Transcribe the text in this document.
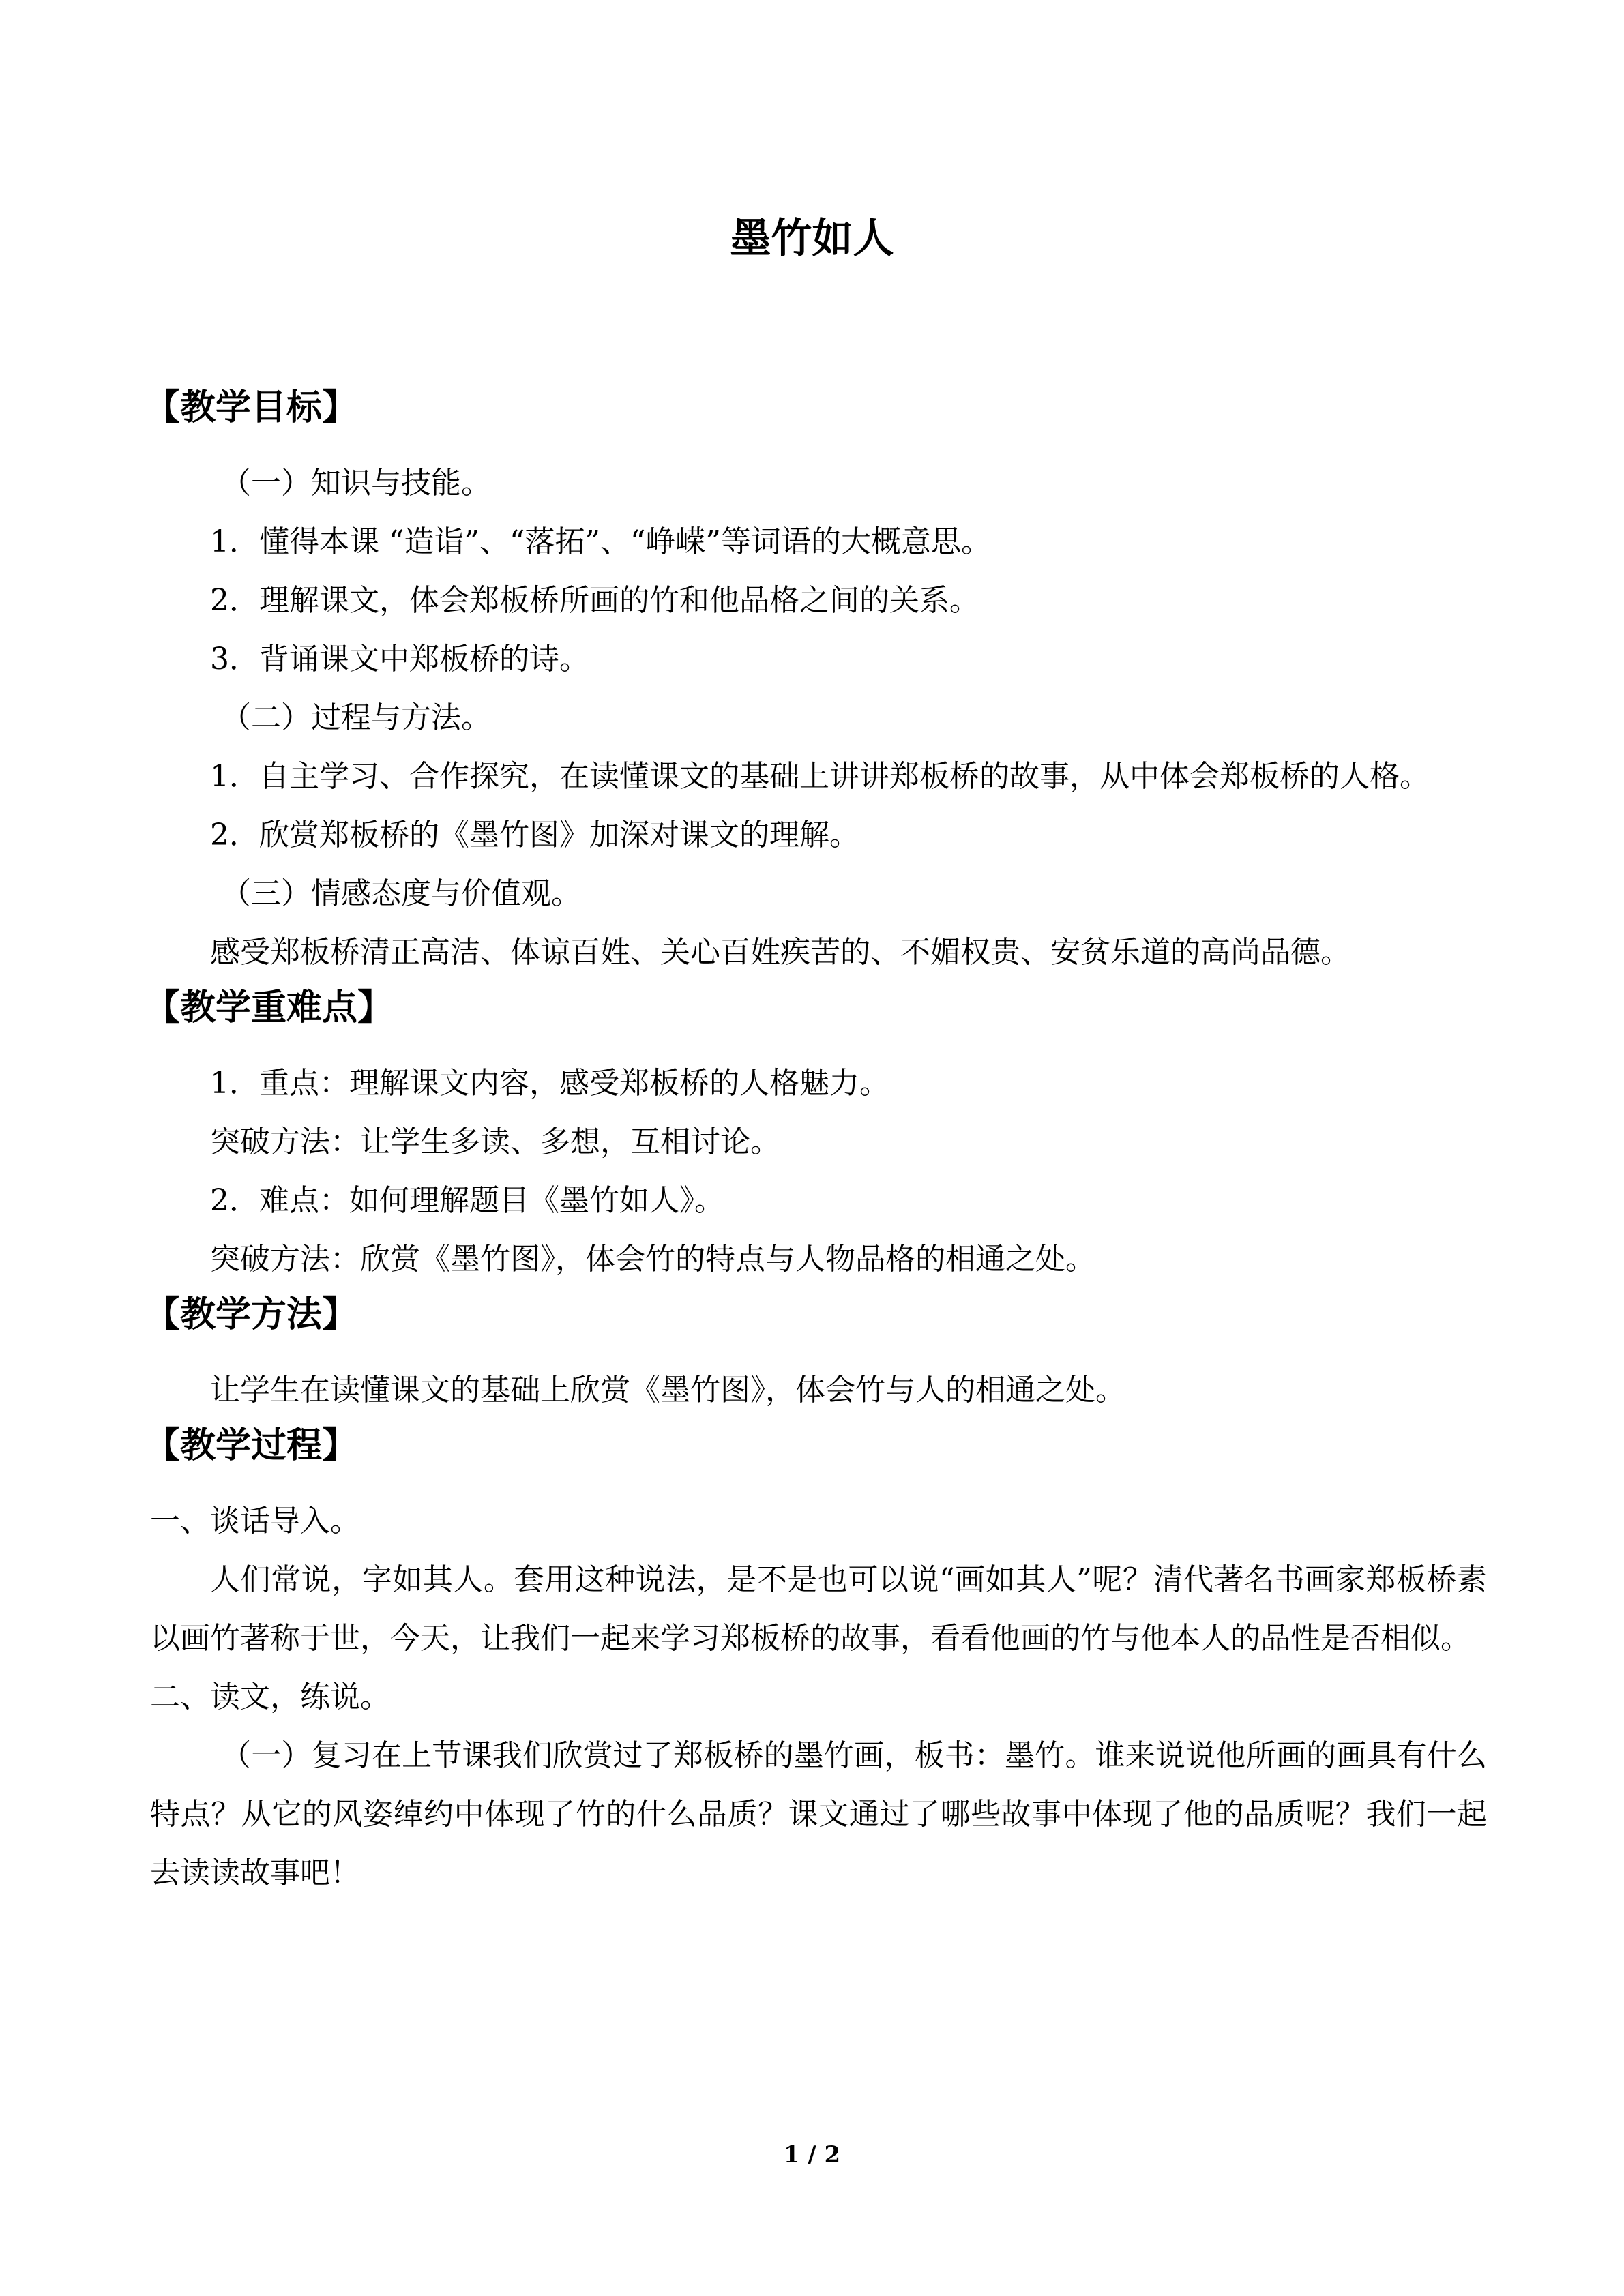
墨竹如人
【教学目标】

（一）知识与技能。

1．懂得本课 “造诣”、“落拓”、“峥嵘”等词语的大概意思。

2．理解课文，体会郑板桥所画的竹和他品格之间的关系。

3．背诵课文中郑板桥的诗。

（二）过程与方法。

1．自主学习、合作探究，在读懂课文的基础上讲讲郑板桥的故事，从中体会郑板桥的人格。

2．欣赏郑板桥的《墨竹图》加深对课文的理解。

（三）情感态度与价值观。

感受郑板桥清正高洁、体谅百姓、关心百姓疾苦的、不媚权贵、安贫乐道的高尚品德。

【教学重难点】

1．重点：理解课文内容，感受郑板桥的人格魅力。

突破方法：让学生多读、多想，互相讨论。

2．难点：如何理解题目《墨竹如人》。

突破方法：欣赏《墨竹图》，体会竹的特点与人物品格的相通之处。

【教学方法】

让学生在读懂课文的基础上欣赏《墨竹图》，体会竹与人的相通之处。

【教学过程】

一、谈话导入。

人们常说，字如其人。套用这种说法，是不是也可以说“画如其人”呢？清代著名书画家郑板桥素以画竹著称于世，今天，让我们一起来学习郑板桥的故事，看看他画的竹与他本人的品性是否相似。

二、读文，练说。

（一）复习在上节课我们欣赏过了郑板桥的墨竹画，板书：墨竹。谁来说说他所画的画具有什么特点？从它的风姿绰约中体现了竹的什么品质？课文通过了哪些故事中体现了他的品质呢？我们一起去读读故事吧！

1 / 2
